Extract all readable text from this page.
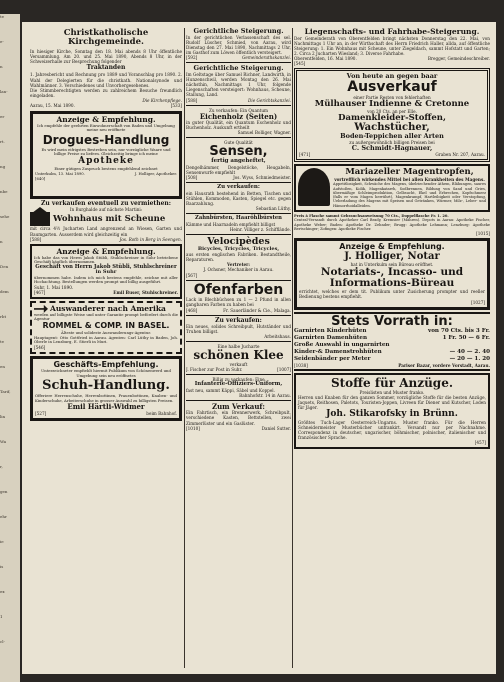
te
e-
n
lan-
er
rt.
ng
nbe
sehe
n
Den
dem
rbt
te
en
Tarif,
lin
Wa
r,
gen
ehr
ie
is
ex
1
cl-
Christkatholische Kirchgemeinde.
In hiesiger Kirche, Sonntag den 18. Mai abends 8 Uhr öffentliche Versammlung. Am 20. und 25. Mai 1890, Abends 8 Uhr, in der Schweizerhalle zur Besprechung folgender
Traktanden
1. Jahresbericht und Rechnung pro 1889 und Voranschlag pro 1890. 2. Wahl der Delegierten für die christkath. Nationalsynode und Wahlmänner. 3. Verschiedenes und Unvorhergesehenes.
Die Stimmberechtigten werden zu zahlreichem Besuche freundlich eingeladen.
Die Kirchenpflege.
Aarau, 15. Mai 1890.	[533]
Anzeige & Empfehlung.
Ich empfehle der geehrten Einwohnerschaft von Baden und Umgebung meine neu eröffnete
Drogues-Handlung
Es wird mein eifrigstes Bestreben sein, nur vorzügliche Waare und billige Preise zu liefern. Gleichzeitig bringe ich meine
Apotheke
Einer gütigen Zuspruch bestens empfehlend zeichnet
Unterkulm, 13. Mai 1890.	J. Holliger, Apotheker.
[640]
Zu verkaufen eventuell zu vermiethen:
In Burghalde auf nächste Martini:
Wohnhaus mit Scheune
mit circa 4½ Jucharten Land angrenzend an Wiesen, Garten und Baumgarten. Ausserdem wird gleichzeitig ein
[588]	Jos. Roth in Berg in Seengen.
Anzeige & Empfehlung.
Ich habe das von Herrn Jakob Stübli, Stuhlschreiner in Suhr betriebene Geschäft käuflich übernommen.
Geschäft von Herrn Jakob Stübli, Stuhlschreiner
in Suhr
übernommen habe. Indem ich mich bestens empfehle, zeichne mit aller Hochachtung. Bestellungen werden prompt und billig ausgeführt.
Suhr, 1. Mai 1890.
[467]	Emil Buser, Stuhlschreiner.
Auswanderer nach Amerika
werden auf billigste Weise und unter Garantie prompt befördert durch die Agentur
ROMMEL & COMP. IN BASEL.
Älteste und solideste Auswanderungs-Agentur.
Hauptagent: Otto Gottfried in Aarau. Agenten: Carl Lüthy in Baden, Joh. Oberle in Lenzburg, E. Stierli in Muri.
[546]
Geschäfts-Empfehlung.
Unterzeichneter empfiehlt hiermit Publikum von Schönenwerd und Umgebung sein neu eröffnetes
Schuh-Handlung.
Offeriere Herrenschuhe, Herrenbottinen, Frauenbottinen, Knaben- und Kinderschuhe, Arbeiterschuhe in grosser Auswahl zu billigsten Preisen.
Emil Härtli-Widmer
[527]	beim Bahnhof.
Gerichtliche Steigerung.
In der gerichtlichen Verlassenschaft des sel. Rudolf Lüscher, Schmied, von Aarau, wird Dienstag den 27. Mai 1890, Nachmittags 2 Uhr, im Gasthof zum Löwen öffentlich versteigert.
[592]	Gemeinderathskanzlei.
Gerichtliche Steigerung.
Im Geltstage über Samuel Richner, Landwirth, in Hunzenschwil, werden Montag den 26. Mai nächsthin, Nachmittags 1 Uhr, folgende Liegenschaften versteigert: Wohnhaus, Scheune, Stallung, Land.
[588]	Die Gerichtskanzlei.
Zu verkaufen: Ein Quantum
Eichenholz (Seiten)
in guter Qualität, ein Quantum Eschenholz und Buchenholz. Auskunft ertheilt
Samuel Bolliger, Wagner.
Gute Qualität
Sensen,
fertig angeheftet,
Dengelhämmer, Dengelstöcke, Heugabeln, Sensenwurfe empfiehlt
[508]	Jos. Wyss, Schmiedmeister.
Zu verkaufen:
ein Hausrath bestehend in Betten, Tischen und Stühlen, Kommoden, Kasten, Spiegel etc. gegen Baarzahlung.
Sebastian Lüthy.
Zahnbürsten, Haaröhlbürsten
Kämme und Haarnadeln empfiehlt billigst
Heinr. Villiger z. Schifflände.
Velocipèdes
Bicycles, Tricycles, Tricycles,
aus ersten englischen Fabriken. Bestandtheile, Reparaturen.
Vertreter:
J. Ochsner, Mechaniker in Aarau.
[567]
Ofenfarben
Lack in Blechbüchsen zu 1 — 2 Pfund in allen gangbaren Farben zu haben bei
[468]	Fr. Sauerländer & Cie., Malaga.
Zu verkaufen:
Ein neues, solides Schreibpult, Hutständer und Truhen billigst.
Arbeitshaus.
Eine halbe Jucharte
schönen Klee
verkauft
J. Fischer zur Post in Suhr.	[1007]
Billig zu verkaufen: Eine
Infanterie-Offiziers-Uniform,
fast neu, sammt Käppi, Säbel und Koppel.
Bahnhofstr. 14 in Aarau.
Zum Verkauf:
Ein Fahrtisch, ein Brennerwerk, Schreibpult, verschiedene Kasten, Bettstellen, zwei Zimmerlüster und ein Gaslüster.
[1010]	Daniel Sutter.
Liegenschafts- und Fahrhabe-Steigerung.
Der Gemeinderath von Oberentfelden bringt nächsten Donnerstag den 22. Mai, von Nachmittags 1 Uhr an, in der Wirthschaft des Herrn Friedrich Haller, allda, auf öffentliche Steigerung: 1. Ein Wohnhaus mit Scheune, unter Ziegeldach, sammt Hofstatt und Garten; 2. Circa 2 Jucharten Wiesland; 3. Diverse Fahrhabe.
Oberentfelden, 16. Mai 1890.	Bregger, Gemeindeschreiber.
[545]
Von heute an gegen baar
Ausverkauf
einer Partie Resten von fehlerhaften
Mülhauser Indienne & Cretonne
von 20 Cts. an per Elle.
Damenkleider-Stoffen,
Wachstücher,
Boden-Teppichen aller Arten
zu außergewöhnlich billigen Preisen bei
C. Schmidt-Hagnauer,
[471]	Graben Nr. 207, Aarau.
Mariazeller Magentropfen,
vortrefflich wirkendes Mittel bei allen Krankheiten des Magens.
Appetitlosigkeit, Schwäche des Magens, übelriechender Athem, Blähungen, saures Aufstoßen, Kolik, Magenkatarrh, Sodbrennen, Bildung von Sand und Gries, übermäßige Schleimproduktion, Gelbsucht, Ekel und Erbrechen, Kopfschmerz (falls er vom Magen herrührt), Magenkrampf, Hartleibigkeit oder Verstopfung, Ueberladung des Magens mit Speisen und Getränken, Würmer, Milz-, Leber- und Hämorrhoidalleiden.
Preis à Flasche sammt Gebrauchsanweisung 70 Cts., Doppelflasche Fr. 1. 20.
Central-Versandt durch Apotheker Carl Brady, Kremsier (Mähren). Depots in Aarau: Apotheke Fischer, Apotheke Weber; Baden: Apotheke Dr. Zehnder; Brugg: Apotheke Lehmann; Lenzburg: Apotheke Bertschinger; Zofingen: Apotheke Fischer.
[1015]
Anzeige & Empfehlung.
J. Holliger, Notar
hat in Unterkulm sein Büreau eröffnet.
Notariats-, Incasso- und Informations-Büreau
errichtet, welches er dem tit. Publikum unter Zusicherung prompter und reeller Bedienung bestens empfiehlt.
[1027]
Stets Vorrath in:
Garnirten Kinderhüten	von 70 Cts. bis 3 Fr.
Garnirten Damenhüten	1 Fr. 50 — 6 Fr.
Große Auswahl in ungarnirten
Kinder-& Damenstrohhüten	— 40 — 2. 40
Seidenbänder per Meter	— 20 — 1. 20
[1038]	Pariser Bazar, vordere Vorstadt, Aarau.
Stoffe für Anzüge.
Preislisten und Muster franko.
Herren und Knaben für den ganzen Sommer, vorzügliche Stoffe für die besten Anzüge, Jaquets, Reithosen, Paletots, Touristen-Joppen, Livreen für Diener und Kutscher, Loden für Jäger.
Joh. Stikarofsky in Brünn.
Größtes Tuch-Lager Oesterreich-Ungarns. Muster franko. Für die Herren Schneidermeister Musterbücher unfrankirt. Versandt nur per Nachnahme. Correspondenz in deutscher, ungarischer, böhmischer, polnischer, italienischer und französischer Sprache.
[457]
